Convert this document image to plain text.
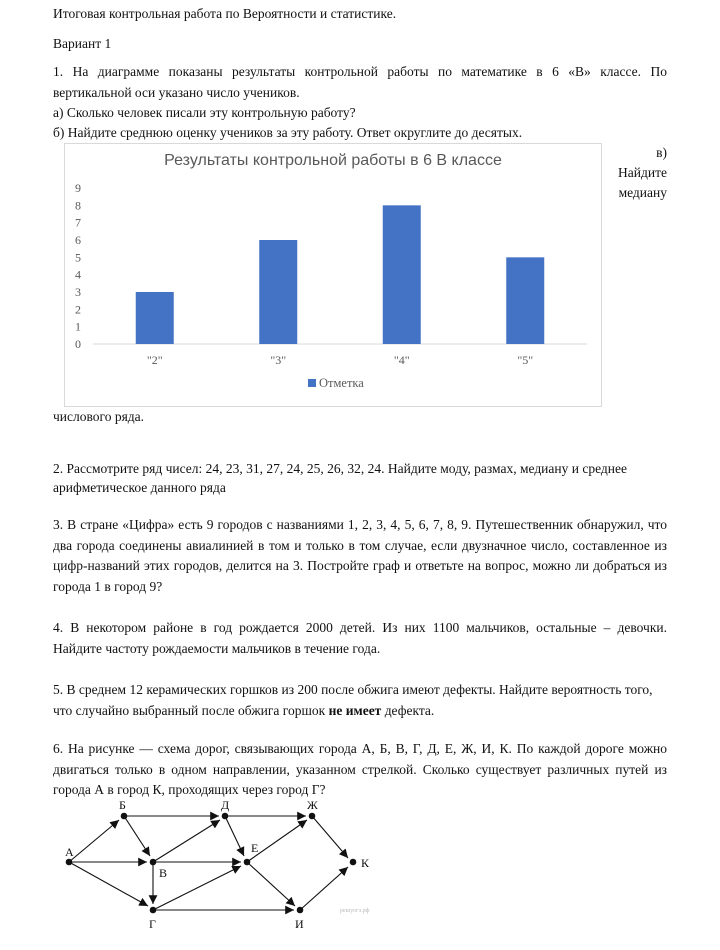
Итоговая контрольная работа по Вероятности и статистике.
Вариант 1
1. На диаграмме показаны результаты контрольной работы по математике в 6 «В» классе. По
вертикальной оси указано число учеников.
а) Сколько человек писали эту контрольную работу?
б) Найдите среднюю оценку учеников за эту работу. Ответ округлите до десятых.
в)
Найдите
медиану
Результаты контрольной работы в 6 В классе
0
1
2
3
4
5
6
7
8
9
"2"	"3"	"4"	"5"
Отметка
числового ряда.
2. Рассмотрите ряд чисел: 24, 23, 31, 27, 24, 25, 26, 32, 24. Найдите моду, размах, медиану и среднее
арифметическое данного ряда
3. В стране «Цифра» есть 9 городов с названиями 1, 2, 3, 4, 5, 6, 7, 8, 9. Путешественник обнаружил, что
два города соединены авиалинией в том и только в том случае, если двузначное число, составленное из
цифр-названий этих городов, делится на 3. Постройте граф и ответьте на вопрос, можно ли добраться из
города 1 в город 9?
4. В некотором районе в год рождается 2000 детей. Из них 1100 мальчиков, остальные – девочки.
Найдите частоту рождаемости мальчиков в течение года.
5. В среднем 12 керамических горшков из 200 после обжига имеют дефекты. Найдите вероятность того,
что случайно выбранный после обжига горшок не имеет дефекта.
6. На рисунке — схема дорог, связывающих города А, Б, В, Г, Д, Е, Ж, И, К. По каждой дороге можно
двигаться только в одном направлении, указанном стрелкой. Сколько существует различных путей из
города А в город К, проходящих через город Г?
А
Б
В
Г
Д
Е
Ж
И
К
решуогэ.рф
